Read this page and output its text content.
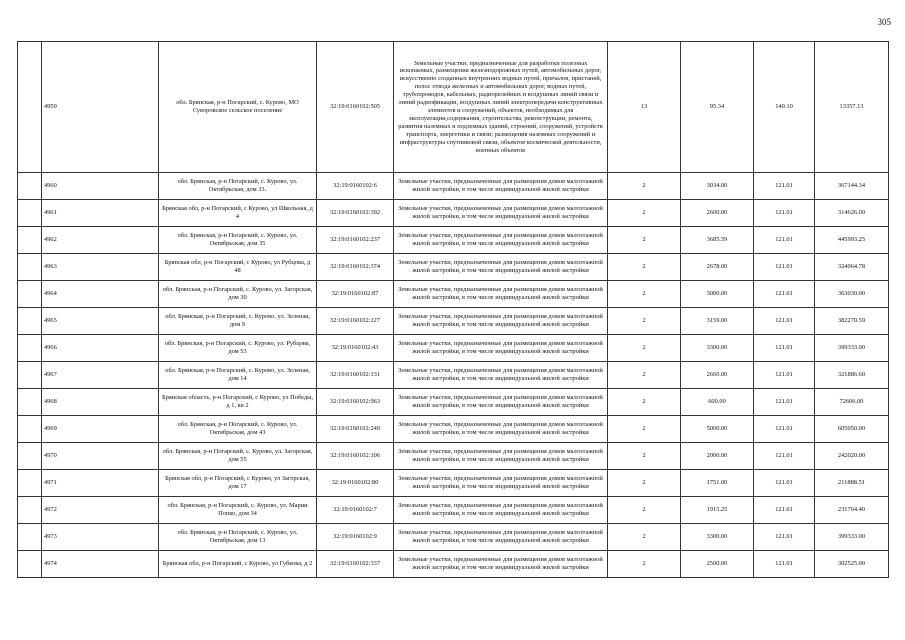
305
	4959	обл. Брянская, р-н Погарский, с. Курово, МО Суворовское сельское поселение	32:19:0160102:505	Земельные участки, предназначенные для разработки полезных ископаемых, размещения железнодорожных путей, автомобильных дорог, искусственно созданных внутренних водных путей, причалов, пристаней, полос отвода железных и автомобильных дорог, водных путей, трубопроводов, кабельных, радиорелейных и воздушных линий связи и линий радиофикации, воздушных линий электропередачи конструктивных элементов и сооружений, объектов, необходимых для эксплуатации,содержания, строительства, реконструкции, ремонта, развития наземных и подземных зданий, строений, сооружений, устройств транспорта, энергетики и связи; размещения наземных сооружений и инфраструктуры спутниковой связи, объектов космической деятельности, военных объектов	13	95.34	140.10	13357.13
	4960	обл. Брянская, р-н Погарский, с. Курово, ул. Октябрьская, дом 33.	32:19:0160102:6	Земельные участки, предназначенные для размещения домов малоэтажной жилой застройки, в том числе индивидуальной жилой застройки	2	3034.00	121.01	367144.34
	4961	Брянская обл, р-н Погарский, с Курово, ул Школьная, д 4	32:19:0160102:392	Земельные участки, предназначенные для размещения домов малоэтажной жилой застройки, в том числе индивидуальной жилой застройки	2	2600.00	121.01	314626.00
	4962	обл. Брянская, р-н Погарский, с. Курово, ул. Октябрьская, дом 35	32:19:0160102:237	Земельные участки, предназначенные для размещения домов малоэтажной жилой застройки, в том числе индивидуальной жилой застройки	2	3685.59	121.01	445993.25
	4963	Брянская обл, р-н Погарский, с Курово, ул Рубцова, д 48	32:19:0160102:374	Земельные участки, предназначенные для размещения домов малоэтажной жилой застройки, в том числе индивидуальной жилой застройки	2	2678.00	121.01	324064.78
	4964	обл. Брянская, р-н Погарский, с. Курово, ул. Загорская, дом 30	32:19:0160102:87	Земельные участки, предназначенные для размещения домов малоэтажной жилой застройки, в том числе индивидуальной жилой застройки	2	3000.00	121.01	363030.00
	4965	обл. Брянская, р-н Погарский, с. Курово, ул. Зеленая, дом 9	32:19:0160102:127	Земельные участки, предназначенные для размещения домов малоэтажной жилой застройки, в том числе индивидуальной жилой застройки	2	3159.00	121.01	382270.59
	4966	обл. Брянская, р-н Погарский, с. Курово, ул. Рубцова, дом 53	32:19:0160102:43	Земельные участки, предназначенные для размещения домов малоэтажной жилой застройки, в том числе индивидуальной жилой застройки	2	3300.00	121.01	399333.00
	4967	обл. Брянская, р-н Погарский, с. Курово, ул. Зеленая, дом 14	32:19:0160102:131	Земельные участки, предназначенные для размещения домов малоэтажной жилой застройки, в том числе индивидуальной жилой застройки	2	2660.00	121.01	321886.60
	4968	Брянская область, р-н Погарский, с Курово, ул Победы, д 1, кв 2	32:19:0160102:963	Земельные участки, предназначенные для размещения домов малоэтажной жилой застройки, в том числе индивидуальной жилой застройки	2	600.00	121.01	72606.00
	4969	обл. Брянская, р-н Погарский, с. Курово, ул. Октябрьская, дом 43	32:19:0160102:249	Земельные участки, предназначенные для размещения домов малоэтажной жилой застройки, в том числе индивидуальной жилой застройки	2	5000.00	121.01	605050.00
	4970	обл. Брянская, р-н Погарский, с. Курово, ул. Загорская, дом 55	32:19:0160102:106	Земельные участки, предназначенные для размещения домов малоэтажной жилой застройки, в том числе индивидуальной жилой застройки	2	2000.00	121.01	242020.00
	4971	Брянская обл, р-н Погарский, с Курово, ул Загорская, дом 17	32:19:0160102:80	Земельные участки, предназначенные для размещения домов малоэтажной жилой застройки, в том числе индивидуальной жилой застройки	2	1751.00	121.01	211888.51
	4972	обл. Брянская, р-н Погарский, с. Курово, ул. Марии Попко, дом 34	32:19:0160102:7	Земельные участки, предназначенные для размещения домов малоэтажной жилой застройки, в том числе индивидуальной жилой застройки	2	1915.25	121.01	231764.40
	4973	обл. Брянская, р-н Погарский, с. Курово, ул. Октябрьская, дом 13	32:19:0160102:9	Земельные участки, предназначенные для размещения домов малоэтажной жилой застройки, в том числе индивидуальной жилой застройки	2	3300.00	121.01	399333.00
	4974	Брянская обл, р-н Погарский, с Курово, ул Губкова, д 2	32:19:0160102:337	Земельные участки, предназначенные для размещения домов малоэтажной жилой застройки, в том числе индивидуальной жилой застройки	2	2500.00	121.01	302525.00
